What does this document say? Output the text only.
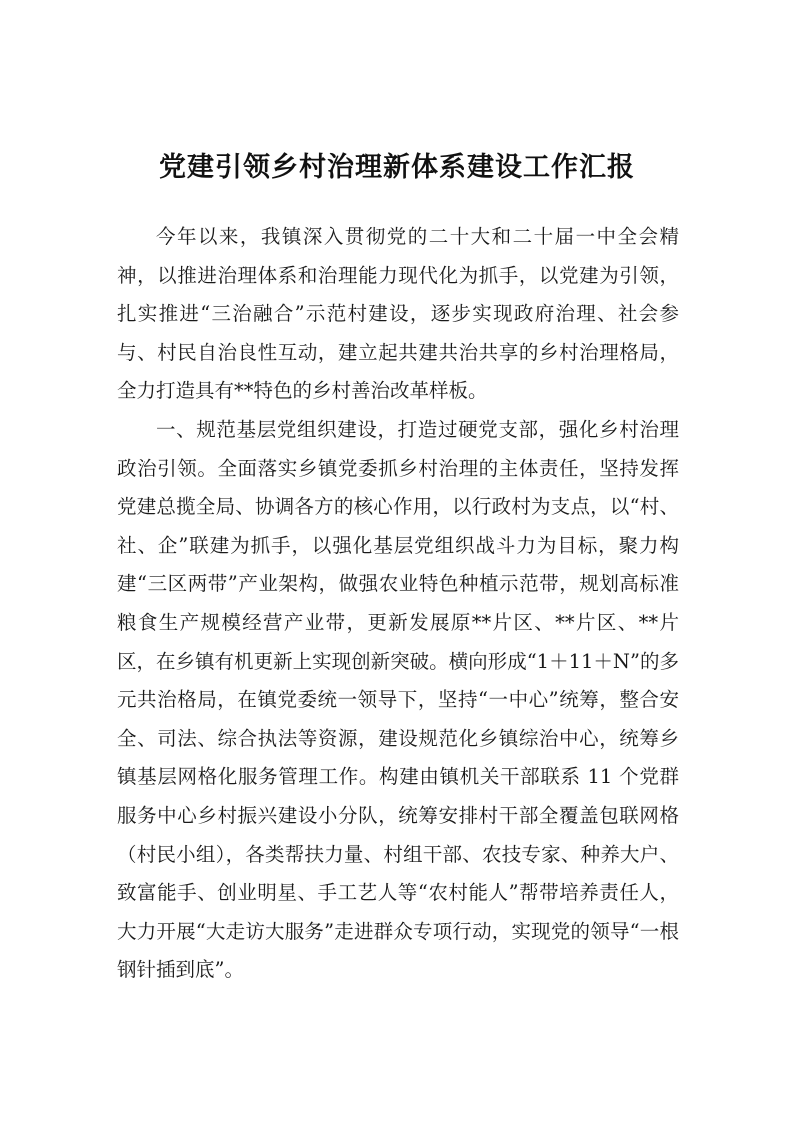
党建引领乡村治理新体系建设工作汇报

今年以来，我镇深入贯彻党的二十大和二十届一中全会精神，以推进治理体系和治理能力现代化为抓手，以党建为引领，扎实推进“三治融合”示范村建设，逐步实现政府治理、社会参与、村民自治良性互动，建立起共建共治共享的乡村治理格局，全力打造具有**特色的乡村善治改革样板。

一、规范基层党组织建设，打造过硬党支部，强化乡村治理政治引领。全面落实乡镇党委抓乡村治理的主体责任，坚持发挥党建总揽全局、协调各方的核心作用，以行政村为支点，以“村、社、企”联建为抓手，以强化基层党组织战斗力为目标，聚力构建“三区两带”产业架构，做强农业特色种植示范带，规划高标准粮食生产规模经营产业带，更新发展原**片区、**片区、**片区，在乡镇有机更新上实现创新突破。横向形成“1＋11＋N”的多元共治格局，在镇党委统一领导下，坚持“一中心”统筹，整合安全、司法、综合执法等资源，建设规范化乡镇综治中心，统筹乡镇基层网格化服务管理工作。构建由镇机关干部联系 11 个党群服务中心乡村振兴建设小分队，统筹安排村干部全覆盖包联网格（村民小组），各类帮扶力量、村组干部、农技专家、种养大户、致富能手、创业明星、手工艺人等“农村能人”帮带培养责任人，大力开展“大走访大服务”走进群众专项行动，实现党的领导“一根钢针插到底”。
